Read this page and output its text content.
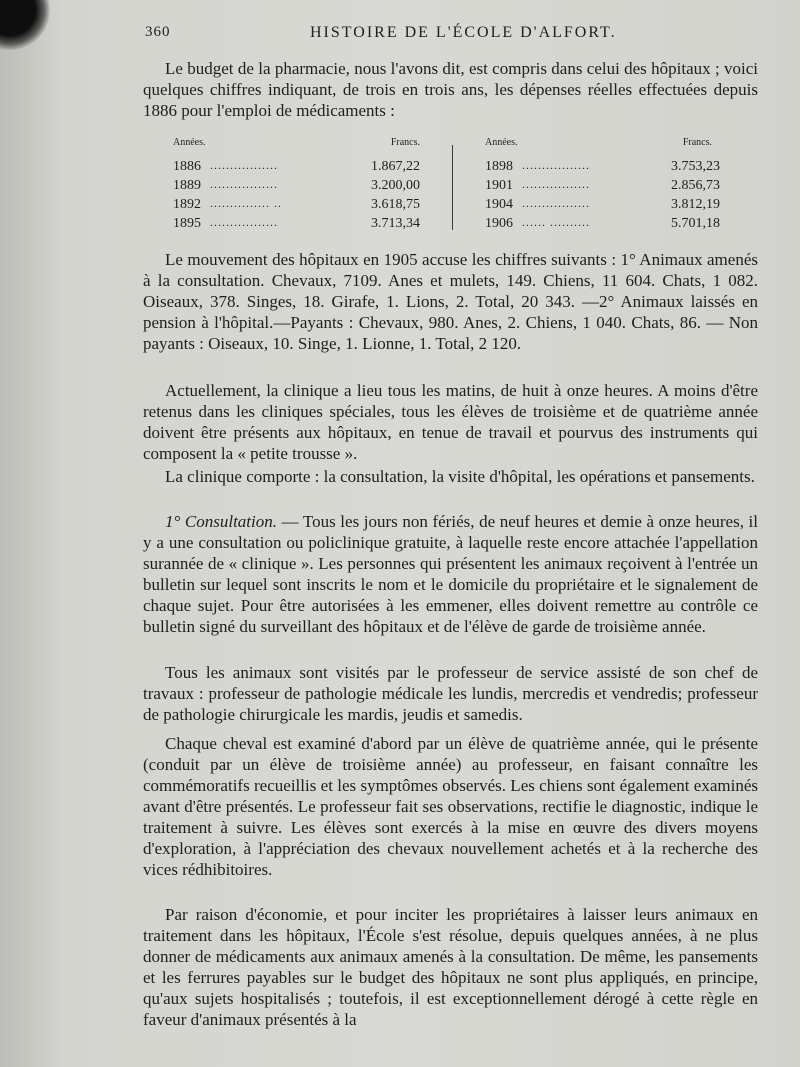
360	HISTOIRE DE L'ÉCOLE D'ALFORT.

Le budget de la pharmacie, nous l'avons dit, est compris dans celui des hôpitaux ; voici quelques chiffres indiquant, de trois en trois ans, les dépenses réelles effectuées depuis 1886 pour l'emploi de médicaments :

Années.	Francs.
1886 .................	1.867,22
1889 .................	3.200,00
1892 ............... ..	3.618,75
1895 .................	3.713,34
Années.	Francs.
1898 .................	3.753,23
1901 .................	2.856,73
1904 .................	3.812,19
1906 ...... ..........	5.701,18

Le mouvement des hôpitaux en 1905 accuse les chiffres suivants : 1° Animaux amenés à la consultation. Chevaux, 7109. Anes et mulets, 149. Chiens, 11 604. Chats, 1 082. Oiseaux, 378. Singes, 18. Girafe, 1. Lions, 2. Total, 20 343. —2° Animaux laissés en pension à l'hôpital.—Payants : Chevaux, 980. Anes, 2. Chiens, 1 040. Chats, 86. — Non payants : Oiseaux, 10. Singe, 1. Lionne, 1. Total, 2 120.

Actuellement, la clinique a lieu tous les matins, de huit à onze heures. A moins d'être retenus dans les cliniques spéciales, tous les élèves de troisième et de quatrième année doivent être présents aux hôpitaux, en tenue de travail et pourvus des instruments qui composent la « petite trousse ».

La clinique comporte : la consultation, la visite d'hôpital, les opérations et pansements.

1° Consultation. — Tous les jours non fériés, de neuf heures et demie à onze heures, il y a une consultation ou policlinique gratuite, à laquelle reste encore attachée l'appellation surannée de « clinique ». Les personnes qui présentent les animaux reçoivent à l'entrée un bulletin sur lequel sont inscrits le nom et le domicile du propriétaire et le signalement de chaque sujet. Pour être autorisées à les emmener, elles doivent remettre au contrôle ce bulletin signé du surveillant des hôpitaux et de l'élève de garde de troisième année.

Tous les animaux sont visités par le professeur de service assisté de son chef de travaux : professeur de pathologie médicale les lundis, mercredis et vendredis; professeur de pathologie chirurgicale les mardis, jeudis et samedis.

Chaque cheval est examiné d'abord par un élève de quatrième année, qui le présente (conduit par un élève de troisième année) au professeur, en faisant connaître les commémoratifs recueillis et les symptômes observés. Les chiens sont également examinés avant d'être présentés. Le professeur fait ses observations, rectifie le diagnostic, indique le traitement à suivre. Les élèves sont exercés à la mise en œuvre des divers moyens d'exploration, à l'appréciation des chevaux nouvellement achetés et à la recherche des vices rédhibitoires.

Par raison d'économie, et pour inciter les propriétaires à laisser leurs animaux en traitement dans les hôpitaux, l'École s'est résolue, depuis quelques années, à ne plus donner de médicaments aux animaux amenés à la consultation. De même, les pansements et les ferrures payables sur le budget des hôpitaux ne sont plus appliqués, en principe, qu'aux sujets hospitalisés ; toutefois, il est exceptionnellement dérogé à cette règle en faveur d'animaux présentés à la
